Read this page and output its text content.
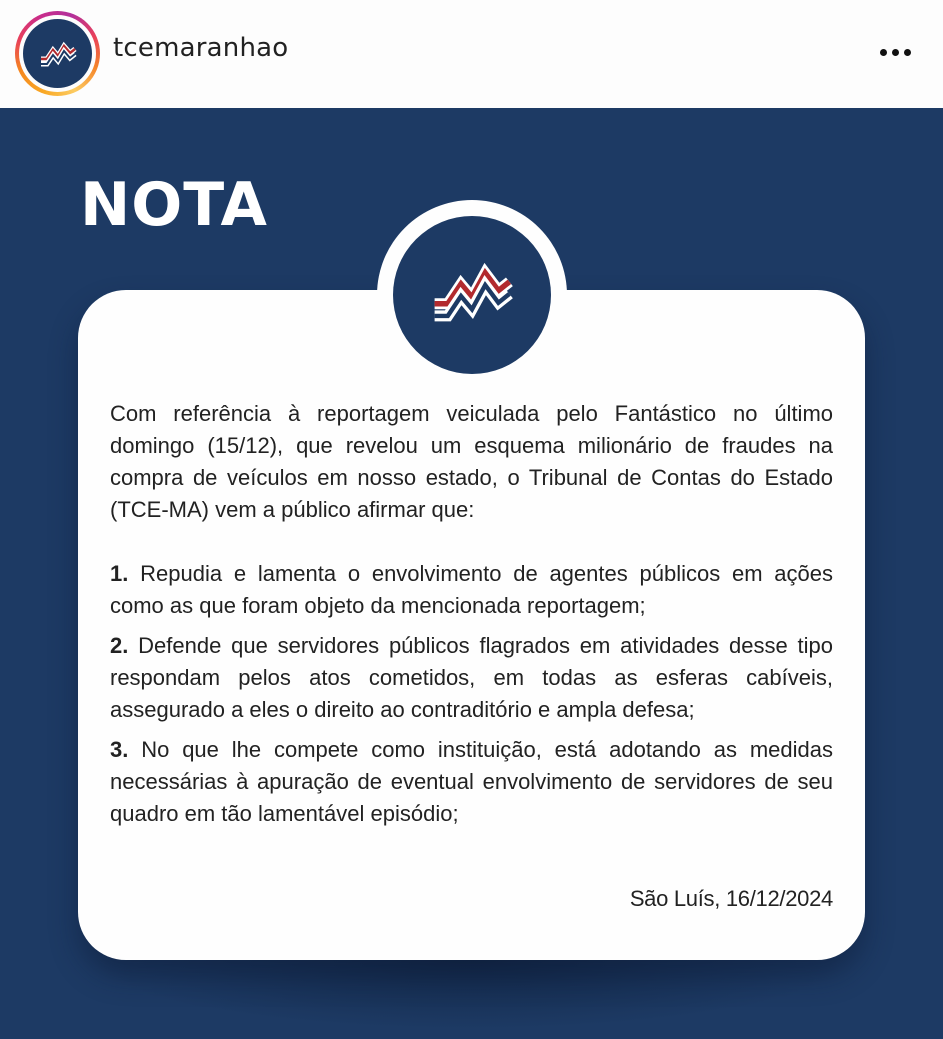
tcemaranhao
NOTA

Com referência à reportagem veiculada pelo Fantástico no último domingo (15/12), que revelou um esquema milionário de fraudes na compra de veículos em nosso estado, o Tribunal de Contas do Estado (TCE-MA) vem a público afirmar que:

1. Repudia e lamenta o envolvimento de agentes públicos em ações como as que foram objeto da mencionada reportagem;

2. Defende que servidores públicos flagrados em atividades desse tipo respondam pelos atos cometidos, em todas as esferas cabíveis, assegurado a eles o direito ao contraditório e ampla defesa;

3. No que lhe compete como instituição, está adotando as medidas necessárias à apuração de eventual envolvimento de servidores de seu quadro em tão lamentável episódio;

São Luís, 16/12/2024
